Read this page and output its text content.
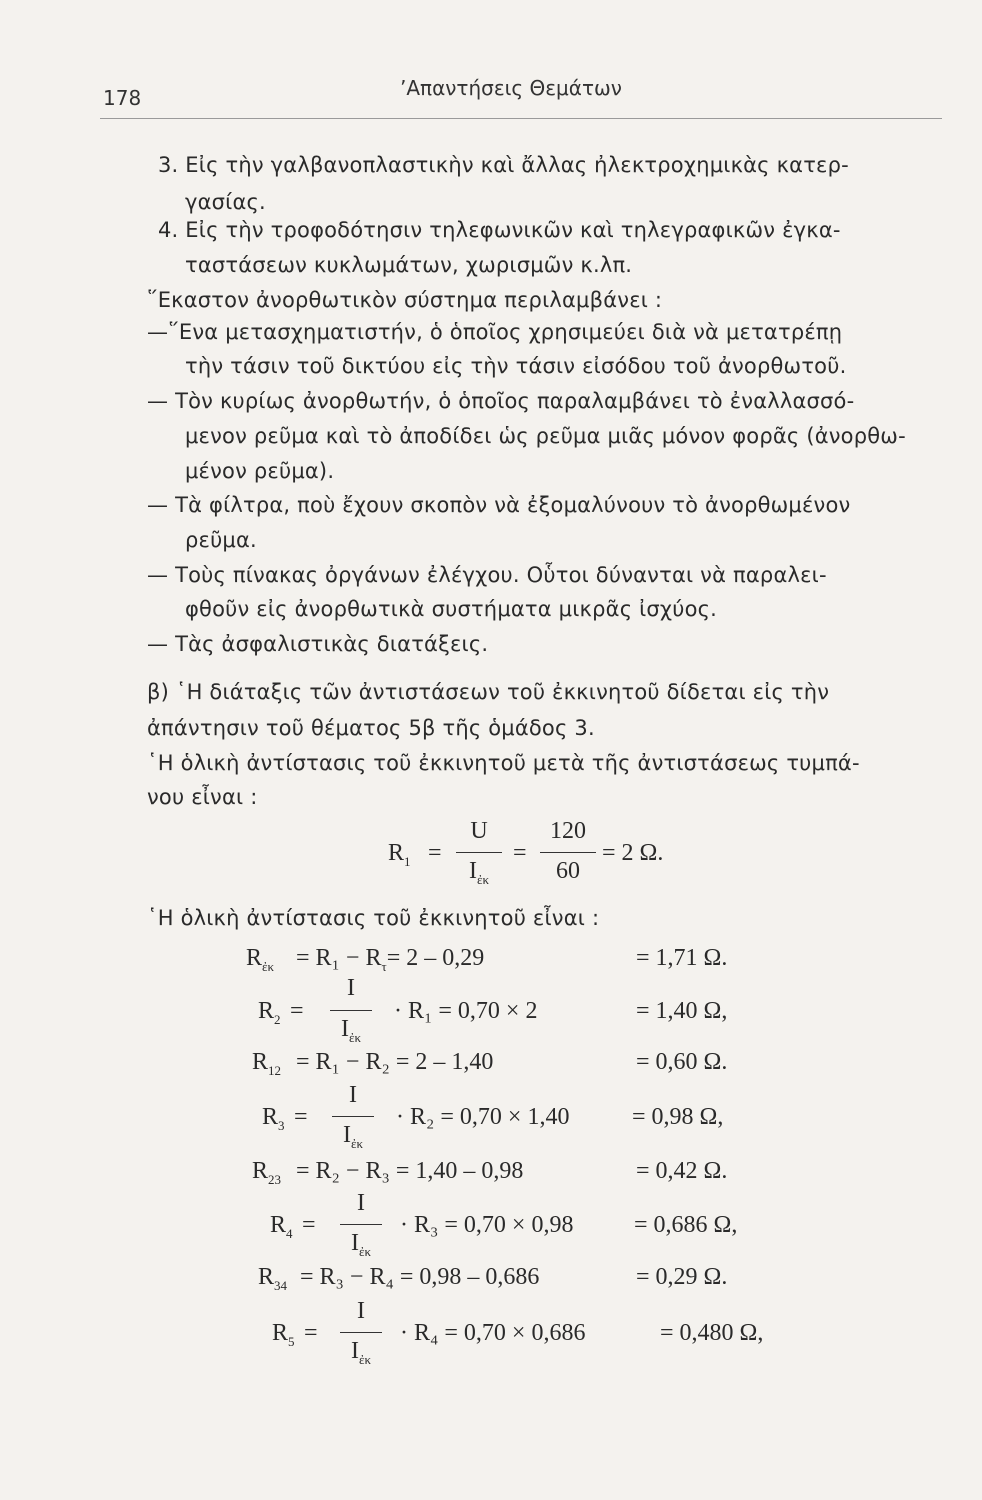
178	’Απαντήσεις Θεμάτων
3. Εἰς τὴν γαλβανοπλαστικὴν καὶ ἄλλας ἠλεκτροχημικὰς κατερ-
γασίας.
4. Εἰς τὴν τροφοδότησιν τηλεφωνικῶν καὶ τηλεγραφικῶν ἐγκα-
ταστάσεων κυκλωμάτων, χωρισμῶν κ.λπ.
῞Εκαστον ἀνορθωτικὸν σύστημα περιλαμβάνει :
—῞Ενα μετασχηματιστήν, ὁ ὁποῖος χρησιμεύει διὰ νὰ μετατρέπῃ
τὴν τάσιν τοῦ δικτύου εἰς τὴν τάσιν εἰσόδου τοῦ ἀνορθωτοῦ.
— Τὸν κυρίως ἀνορθωτήν, ὁ ὁποῖος παραλαμβάνει τὸ ἐναλλασσό-
μενον ρεῦμα καὶ τὸ ἀποδίδει ὡς ρεῦμα μιᾶς μόνον φορᾶς (ἀνορθω-
μένον ρεῦμα).
— Τὰ φίλτρα, ποὺ ἔχουν σκοπὸν νὰ ἐξομαλύνουν τὸ ἀνορθωμένον
ρεῦμα.
— Τοὺς πίνακας ὀργάνων ἐλέγχου. Οὗτοι δύνανται νὰ παραλει-
φθοῦν εἰς ἀνορθωτικὰ συστήματα μικρᾶς ἰσχύος.
— Τὰς ἀσφαλιστικὰς διατάξεις.
β) ῾Η διάταξις τῶν ἀντιστάσεων τοῦ ἐκκινητοῦ δίδεται εἰς τὴν
ἀπάντησιν τοῦ θέματος 5β τῆς ὁμάδος 3.
῾Η ὁλικὴ ἀντίστασις τοῦ ἐκκινητοῦ μετὰ τῆς ἀντιστάσεως τυμπά-
νου εἶναι :
$R_1$ =
U
$I_{ἐ\kappa}$
=
120
60
= 2 Ω.
῾Η ὁλικὴ ἀντίστασις τοῦ ἐκκινητοῦ εἶναι :
$R_{ἐ\kappa} = R_1 - R_\tau= 2 - 0,29$	= 1,71 Ω.
$R_2$ =
I
$I_{ἐ\kappa}$
· R₁ = 0,70 × 2	= 1,40 Ω,
$R_{12} = R_1 - R_2 = 2 - 1,40$	= 0,60 Ω.
$R_3$ =
I
$I_{ἐ\kappa}$
· R₂ = 0,70 × 1,40	= 0,98 Ω,
$R_{23} = R_2 - R_3 = 1,40 - 0,98$	= 0,42 Ω.
$R_4$ =
I
$I_{ἐ\kappa}$
· R₃ = 0,70 × 0,98	= 0,686 Ω,
$R_{34} = R_3 - R_4 = 0,98 - 0,686$	= 0,29 Ω.
$R_5$ =
I
$I_{ἐ\kappa}$
· R₄ = 0,70 × 0,686	= 0,480 Ω,
